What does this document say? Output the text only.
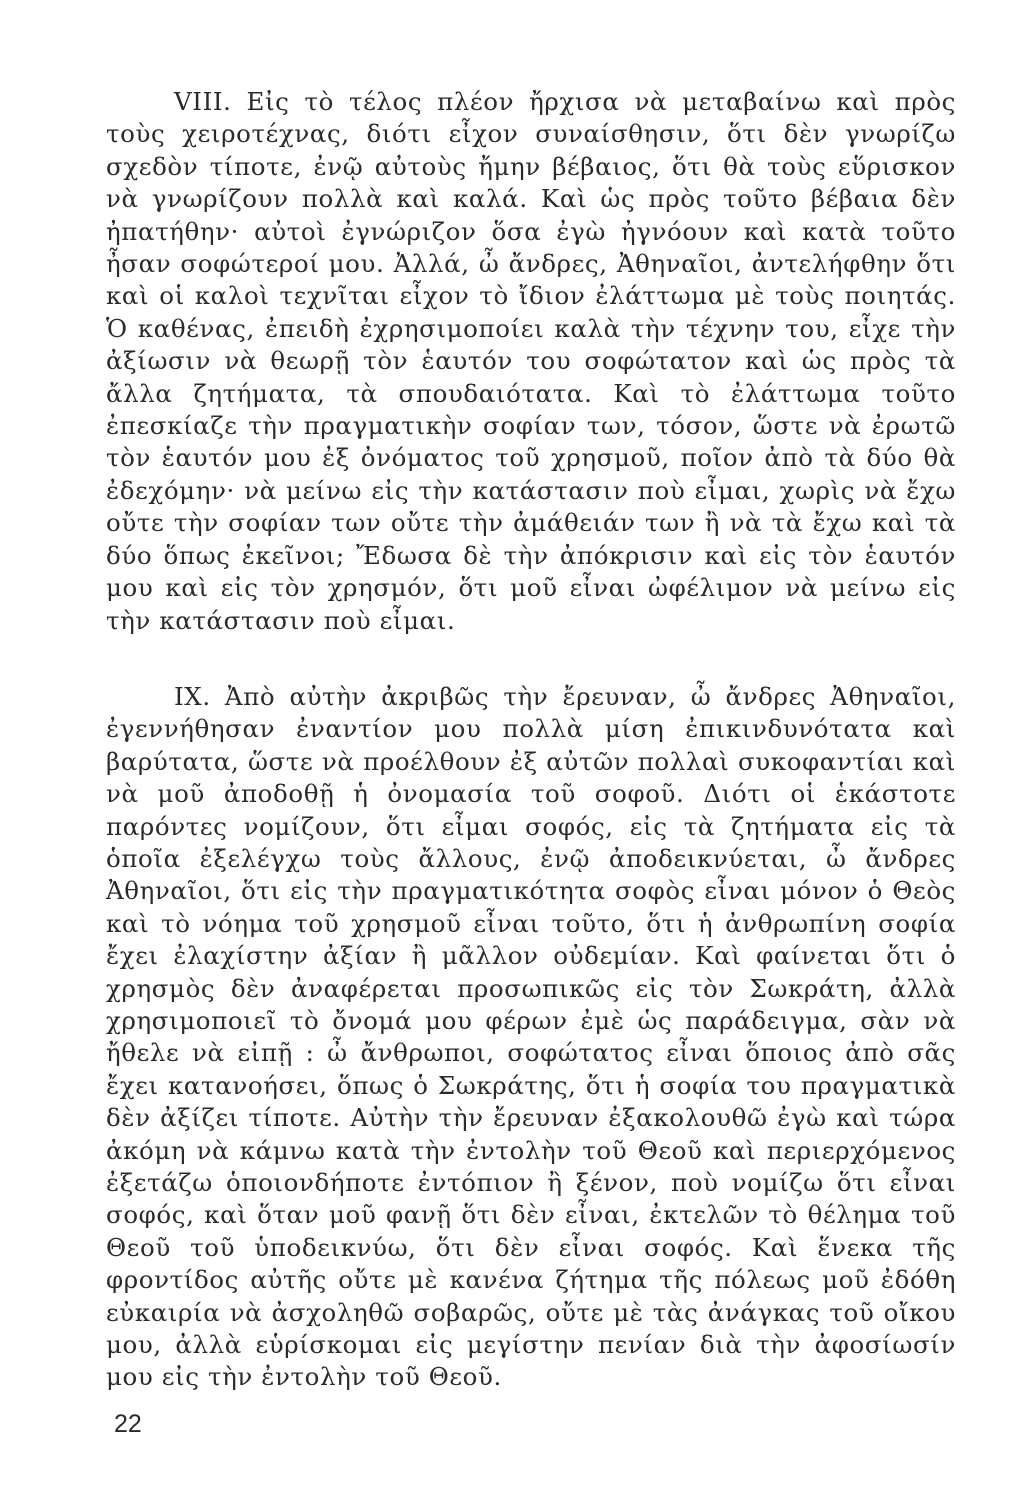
VIII. Εἰς τὸ τέλος πλέον ἤρχισα νὰ μεταβαίνω καὶ πρὸς τοὺς χειροτέχνας, διότι εἶχον συναίσθησιν, ὅτι δὲν γνωρίζω σχεδὸν τίποτε, ἐνῷ αὐτοὺς ἤμην βέβαιος, ὅτι θὰ τοὺς εὕρισκον νὰ γνωρίζουν πολλὰ καὶ καλά. Καὶ ὡς πρὸς τοῦτο βέβαια δὲν ἠπατήθην· αὐτοὶ ἐγνώριζον ὅσα ἐγὼ ἠγνόουν καὶ κατὰ τοῦτο ἦσαν σοφώτεροί μου. Ἀλλά, ὦ ἄνδρες, Ἀθηναῖοι, ἀντελήφθην ὅτι καὶ οἱ καλοὶ τεχνῖται εἶχον τὸ ἴδιον ἐλάττωμα μὲ τοὺς ποιητάς. Ὁ καθένας, ἐπειδὴ ἐχρησιμοποίει καλὰ τὴν τέχνην του, εἶχε τὴν ἀξίωσιν νὰ θεωρῇ τὸν ἑαυτόν του σοφώτατον καὶ ὡς πρὸς τὰ ἄλλα ζητήματα, τὰ σπουδαιότατα. Καὶ τὸ ἐλάττωμα τοῦτο ἐπεσκίαζε τὴν πραγματικὴν σοφίαν των, τόσον, ὥστε νὰ ἐρωτῶ τὸν ἑαυτόν μου ἐξ ὀνόματος τοῦ χρησμοῦ, ποῖον ἀπὸ τὰ δύο θὰ ἐδεχόμην· νὰ μείνω εἰς τὴν κατάστασιν ποὺ εἶμαι, χωρὶς νὰ ἔχω οὔτε τὴν σοφίαν των οὔτε τὴν ἀμάθειάν των ἢ νὰ τὰ ἔχω καὶ τὰ δύο ὅπως ἐκεῖνοι; Ἔδωσα δὲ τὴν ἀπόκρισιν καὶ εἰς τὸν ἑαυτόν μου καὶ εἰς τὸν χρησμόν, ὅτι μοῦ εἶναι ὠφέλιμον νὰ μείνω εἰς τὴν κατάστασιν ποὺ εἶμαι.

IX. Ἀπὸ αὐτὴν ἀκριβῶς τὴν ἔρευναν, ὦ ἄνδρες Ἀθηναῖοι, ἐγεννήθησαν ἐναντίον μου πολλὰ μίση ἐπικινδυνότατα καὶ βαρύτατα, ὥστε νὰ προέλθουν ἐξ αὐτῶν πολλαὶ συκοφαντίαι καὶ νὰ μοῦ ἀποδοθῇ ἡ ὀνομασία τοῦ σοφοῦ. Διότι οἱ ἑκάστοτε παρόντες νομίζουν, ὅτι εἶμαι σοφός, εἰς τὰ ζητήματα εἰς τὰ ὁποῖα ἐξελέγχω τοὺς ἄλλους, ἐνῷ ἀποδεικνύεται, ὦ ἄνδρες Ἀθηναῖοι, ὅτι εἰς τὴν πραγματικότητα σοφὸς εἶναι μόνον ὁ Θεὸς καὶ τὸ νόημα τοῦ χρησμοῦ εἶναι τοῦτο, ὅτι ἡ ἀνθρωπίνη σοφία ἔχει ἐλαχίστην ἀξίαν ἢ μᾶλλον οὐδεμίαν. Καὶ φαίνεται ὅτι ὁ χρησμὸς δὲν ἀναφέρεται προσωπικῶς εἰς τὸν Σωκράτη, ἀλλὰ χρησιμοποιεῖ τὸ ὄνομά μου φέρων ἐμὲ ὡς παράδειγμα, σὰν νὰ ἤθελε νὰ εἰπῇ : ὦ ἄνθρωποι, σοφώτατος εἶναι ὅποιος ἀπὸ σᾶς ἔχει κατανοήσει, ὅπως ὁ Σωκράτης, ὅτι ἡ σοφία του πραγματικὰ δὲν ἀξίζει τίποτε. Αὐτὴν τὴν ἔρευναν ἐξακολουθῶ ἐγὼ καὶ τώρα ἀκόμη νὰ κάμνω κατὰ τὴν ἐντολὴν τοῦ Θεοῦ καὶ περιερχόμενος ἐξετάζω ὁποιονδήποτε ἐντόπιον ἢ ξένον, ποὺ νομίζω ὅτι εἶναι σοφός, καὶ ὅταν μοῦ φανῇ ὅτι δὲν εἶναι, ἐκτελῶν τὸ θέλημα τοῦ Θεοῦ τοῦ ὑποδεικνύω, ὅτι δὲν εἶναι σοφός. Καὶ ἕνεκα τῆς φροντίδος αὐτῆς οὔτε μὲ κανένα ζήτημα τῆς πόλεως μοῦ ἐδόθη εὐκαιρία νὰ ἀσχοληθῶ σοβαρῶς, οὔτε μὲ τὰς ἀνάγκας τοῦ οἴκου μου, ἀλλὰ εὑρίσκομαι εἰς μεγίστην πενίαν διὰ τὴν ἀφοσίωσίν μου εἰς τὴν ἐντολὴν τοῦ Θεοῦ.

22
